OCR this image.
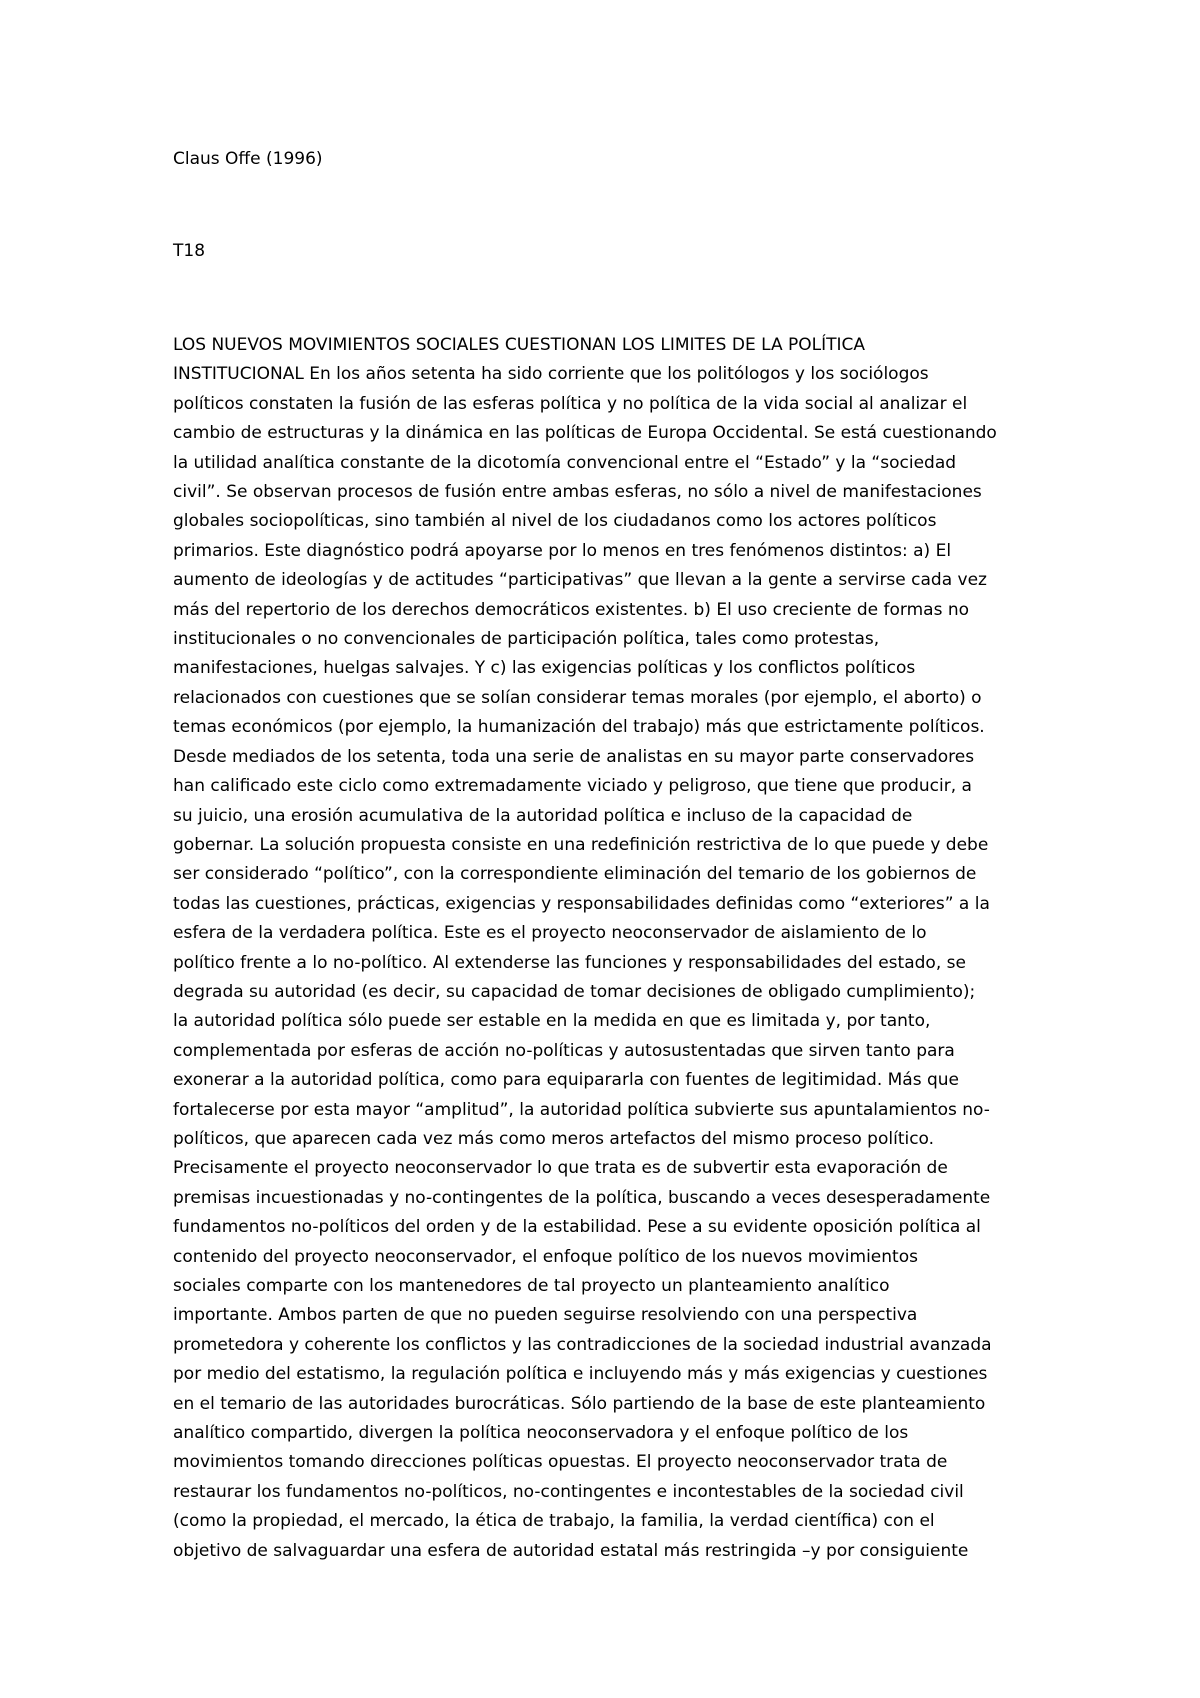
Claus Offe (1996)
T18
LOS NUEVOS MOVIMIENTOS SOCIALES CUESTIONAN LOS LIMITES DE LA POLÍTICA
INSTITUCIONAL En los años setenta ha sido corriente que los politólogos y los sociólogos
políticos constaten la fusión de las esferas política y no política de la vida social al analizar el
cambio de estructuras y la dinámica en las políticas de Europa Occidental. Se está cuestionando
la utilidad analítica constante de la dicotomía convencional entre el “Estado” y la “sociedad
civil”. Se observan procesos de fusión entre ambas esferas, no sólo a nivel de manifestaciones
globales sociopolíticas, sino también al nivel de los ciudadanos como los actores políticos
primarios. Este diagnóstico podrá apoyarse por lo menos en tres fenómenos distintos: a) El
aumento de ideologías y de actitudes “participativas” que llevan a la gente a servirse cada vez
más del repertorio de los derechos democráticos existentes. b) El uso creciente de formas no
institucionales o no convencionales de participación política, tales como protestas,
manifestaciones, huelgas salvajes. Y c) las exigencias políticas y los conflictos políticos
relacionados con cuestiones que se solían considerar temas morales (por ejemplo, el aborto) o
temas económicos (por ejemplo, la humanización del trabajo) más que estrictamente políticos.
Desde mediados de los setenta, toda una serie de analistas en su mayor parte conservadores
han calificado este ciclo como extremadamente viciado y peligroso, que tiene que producir, a
su juicio, una erosión acumulativa de la autoridad política e incluso de la capacidad de
gobernar. La solución propuesta consiste en una redefinición restrictiva de lo que puede y debe
ser considerado “político”, con la correspondiente eliminación del temario de los gobiernos de
todas las cuestiones, prácticas, exigencias y responsabilidades definidas como “exteriores” a la
esfera de la verdadera política. Este es el proyecto neoconservador de aislamiento de lo
político frente a lo no-político. Al extenderse las funciones y responsabilidades del estado, se
degrada su autoridad (es decir, su capacidad de tomar decisiones de obligado cumplimiento);
la autoridad política sólo puede ser estable en la medida en que es limitada y, por tanto,
complementada por esferas de acción no-políticas y autosustentadas que sirven tanto para
exonerar a la autoridad política, como para equipararla con fuentes de legitimidad. Más que
fortalecerse por esta mayor “amplitud”, la autoridad política subvierte sus apuntalamientos no-
políticos, que aparecen cada vez más como meros artefactos del mismo proceso político.
Precisamente el proyecto neoconservador lo que trata es de subvertir esta evaporación de
premisas incuestionadas y no-contingentes de la política, buscando a veces desesperadamente
fundamentos no-políticos del orden y de la estabilidad. Pese a su evidente oposición política al
contenido del proyecto neoconservador, el enfoque político de los nuevos movimientos
sociales comparte con los mantenedores de tal proyecto un planteamiento analítico
importante. Ambos parten de que no pueden seguirse resolviendo con una perspectiva
prometedora y coherente los conflictos y las contradicciones de la sociedad industrial avanzada
por medio del estatismo, la regulación política e incluyendo más y más exigencias y cuestiones
en el temario de las autoridades burocráticas. Sólo partiendo de la base de este planteamiento
analítico compartido, divergen la política neoconservadora y el enfoque político de los
movimientos tomando direcciones políticas opuestas. El proyecto neoconservador trata de
restaurar los fundamentos no-políticos, no-contingentes e incontestables de la sociedad civil
(como la propiedad, el mercado, la ética de trabajo, la familia, la verdad científica) con el
objetivo de salvaguardar una esfera de autoridad estatal más restringida –y por consiguiente
